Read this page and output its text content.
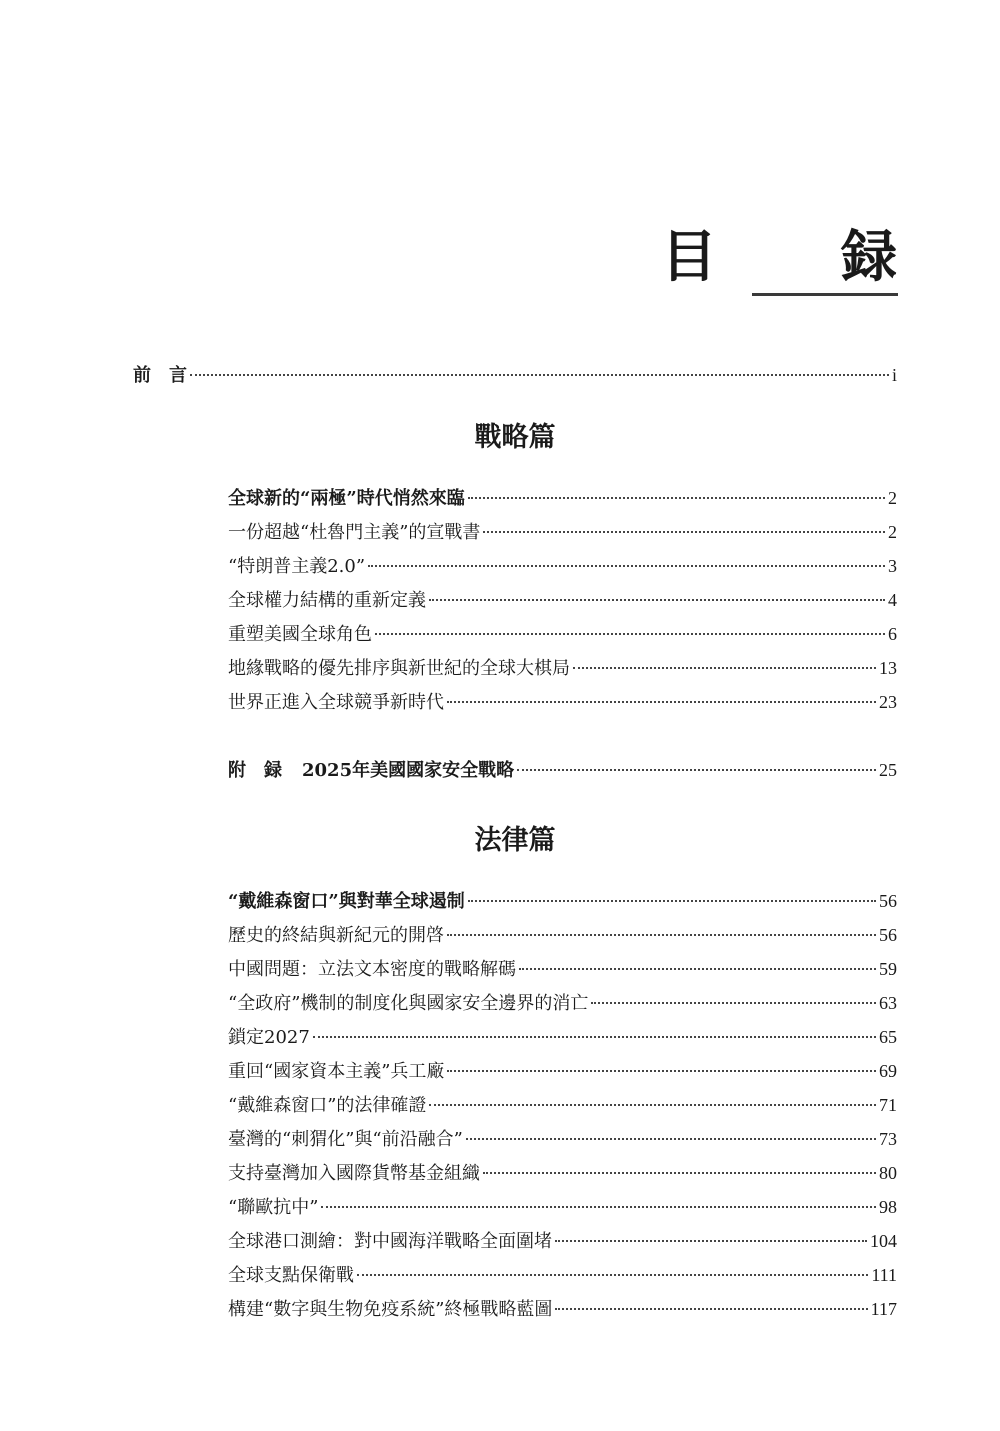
目　録
前　言	i
戰略篇
全球新的“兩極”時代悄然來臨	2
一份超越“杜魯門主義”的宣戰書	2
“特朗普主義2.0”	3
全球權力結構的重新定義	4
重塑美國全球角色	6
地緣戰略的優先排序與新世紀的全球大棋局	13
世界正進入全球競爭新時代	23
附　録 2025年美國國家安全戰略	25
法律篇
“戴維森窗口”與對華全球遏制	56
歷史的終結與新紀元的開啓	56
中國問題：立法文本密度的戰略解碼	59
“全政府”機制的制度化與國家安全邊界的消亡	63
鎖定2027	65
重回“國家資本主義”兵工廠	69
“戴維森窗口”的法律確證	71
臺灣的“刺猬化”與“前沿融合”	73
支持臺灣加入國際貨幣基金組織	80
“聯歐抗中”	98
全球港口測繪：對中國海洋戰略全面圍堵	104
全球支點保衛戰	111
構建“數字與生物免疫系統”終極戰略藍圖	117
